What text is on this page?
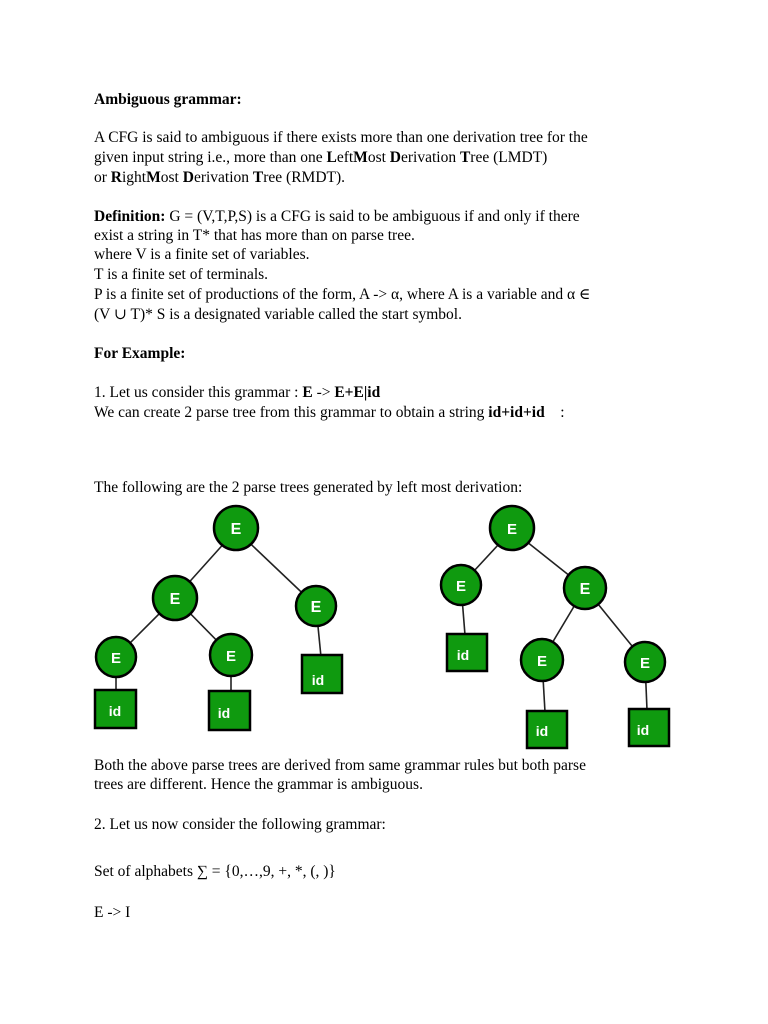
Ambiguous grammar:
A CFG is said to ambiguous if there exists more than one derivation tree for the
given input string i.e., more than one LeftMost Derivation Tree (LMDT)
or RightMost Derivation Tree (RMDT).
Definition: G = (V,T,P,S) is a CFG is said to be ambiguous if and only if there
exist a string in T* that has more than on parse tree.
where V is a finite set of variables.
T is a finite set of terminals.
P is a finite set of productions of the form, A -> α, where A is a variable and α ∈
(V ∪ T)* S is a designated variable called the start symbol.
For Example:
1. Let us consider this grammar : E -> E+E|id
We can create 2 parse tree from this grammar to obtain a string id+id+id    :
The following are the 2 parse trees generated by left most derivation:
E
E	E
E	E
id	id
id
E
E	E
E	E
id
id	id
Both the above parse trees are derived from same grammar rules but both parse
trees are different. Hence the grammar is ambiguous.
2. Let us now consider the following grammar:
Set of alphabets ∑ = {0,…,9, +, *, (, )}
E -> I
